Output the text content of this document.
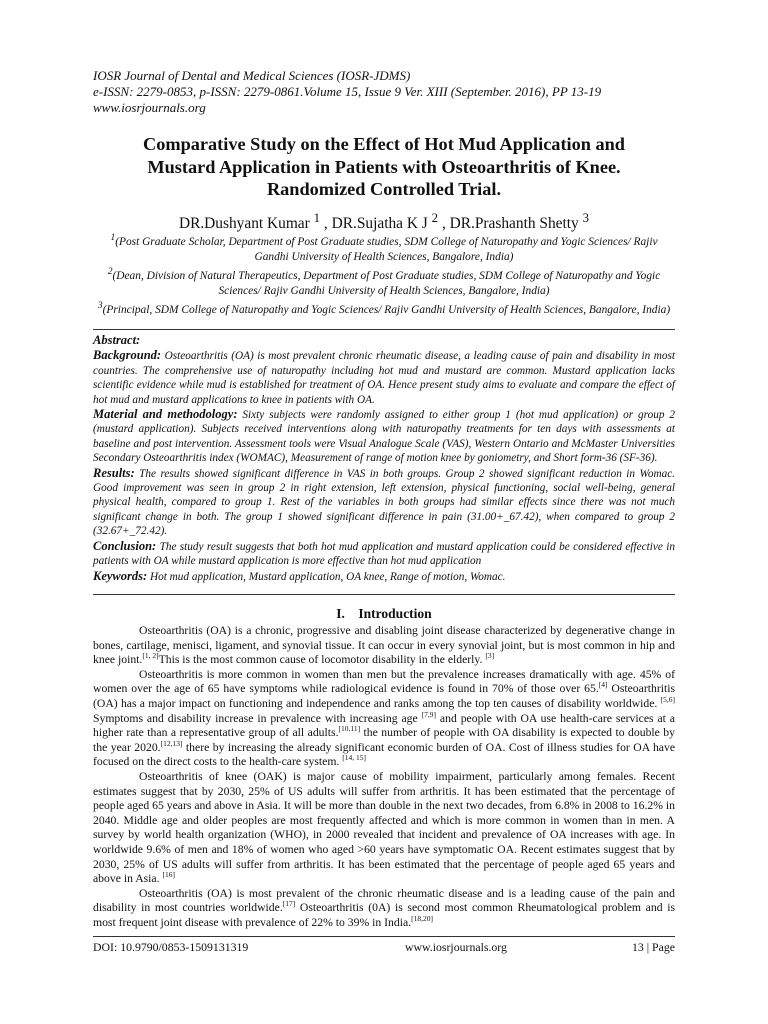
IOSR Journal of Dental and Medical Sciences (IOSR-JDMS)
e-ISSN: 2279-0853, p-ISSN: 2279-0861.Volume 15, Issue 9 Ver. XIII (September. 2016), PP 13-19
www.iosrjournals.org
Comparative Study on the Effect of Hot Mud Application and
Mustard Application in Patients with Osteoarthritis of Knee.
Randomized Controlled Trial.
DR.Dushyant Kumar $^1$ , DR.Sujatha K J $^2$ , DR.Prashanth Shetty $^3$
$^1$(Post Graduate Scholar, Department of Post Graduate studies, SDM College of Naturopathy and Yogic Sciences/ Rajiv Gandhi University of Health Sciences, Bangalore, India)
$^2$(Dean, Division of Natural Therapeutics, Department of Post Graduate studies, SDM College of Naturopathy and Yogic Sciences/ Rajiv Gandhi University of Health Sciences, Bangalore, India)
$^3$(Principal, SDM College of Naturopathy and Yogic Sciences/ Rajiv Gandhi University of Health Sciences, Bangalore, India)

Abstract:

Background: Osteoarthritis (OA) is most prevalent chronic rheumatic disease, a leading cause of pain and disability in most countries. The comprehensive use of naturopathy including hot mud and mustard are common. Mustard application lacks scientific evidence while mud is established for treatment of OA. Hence present study aims to evaluate and compare the effect of hot mud and mustard applications to knee in patients with OA.

Material and methodology: Sixty subjects were randomly assigned to either group 1 (hot mud application) or group 2 (mustard application). Subjects received interventions along with naturopathy treatments for ten days with assessments at baseline and post intervention. Assessment tools were Visual Analogue Scale (VAS), Western Ontario and McMaster Universities Secondary Osteoarthritis index (WOMAC), Measurement of range of motion knee by goniometry, and Short form-36 (SF-36).

Results: The results showed significant difference in VAS in both groups. Group 2 showed significant reduction in Womac. Good improvement was seen in group 2 in right extension, left extension, physical functioning, social well-being, general physical health, compared to group 1. Rest of the variables in both groups had similar effects since there was not much significant change in both. The group 1 showed significant difference in pain (31.00+_67.42), when compared to group 2 (32.67+_72.42).

Conclusion: The study result suggests that both hot mud application and mustard application could be considered effective in patients with OA while mustard application is more effective than hot mud application

Keywords: Hot mud application, Mustard application, OA knee, Range of motion, Womac.

I. Introduction

Osteoarthritis (OA) is a chronic, progressive and disabling joint disease characterized by degenerative change in bones, cartilage, menisci, ligament, and synovial tissue. It can occur in every synovial joint, but is most common in hip and knee joint.[1, 2]This is the most common cause of locomotor disability in the elderly. [3]

Osteoarthritis is more common in women than men but the prevalence increases dramatically with age. 45% of women over the age of 65 have symptoms while radiological evidence is found in 70% of those over 65.[4] Osteoarthritis (OA) has a major impact on functioning and independence and ranks among the top ten causes of disability worldwide. [5,6] Symptoms and disability increase in prevalence with increasing age [7,9] and people with OA use health-care services at a higher rate than a representative group of all adults.[10,11] the number of people with OA disability is expected to double by the year 2020.[12,13] there by increasing the already significant economic burden of OA. Cost of illness studies for OA have focused on the direct costs to the health-care system. [14, 15]

Osteoarthritis of knee (OAK) is major cause of mobility impairment, particularly among females. Recent estimates suggest that by 2030, 25% of US adults will suffer from arthritis. It has been estimated that the percentage of people aged 65 years and above in Asia. It will be more than double in the next two decades, from 6.8% in 2008 to 16.2% in 2040. Middle age and older peoples are most frequently affected and which is more common in women than in men. A survey by world health organization (WHO), in 2000 revealed that incident and prevalence of OA increases with age. In worldwide 9.6% of men and 18% of women who aged >60 years have symptomatic OA. Recent estimates suggest that by 2030, 25% of US adults will suffer from arthritis. It has been estimated that the percentage of people aged 65 years and above in Asia. [16]

Osteoarthritis (OA) is most prevalent of the chronic rheumatic disease and is a leading cause of the pain and disability in most countries worldwide.[17] Osteoarthritis (0A) is second most common Rheumatological problem and is most frequent joint disease with prevalence of 22% to 39% in India.[18,20]

DOI: 10.9790/0853-1509131319	www.iosrjournals.org	13 | Page
